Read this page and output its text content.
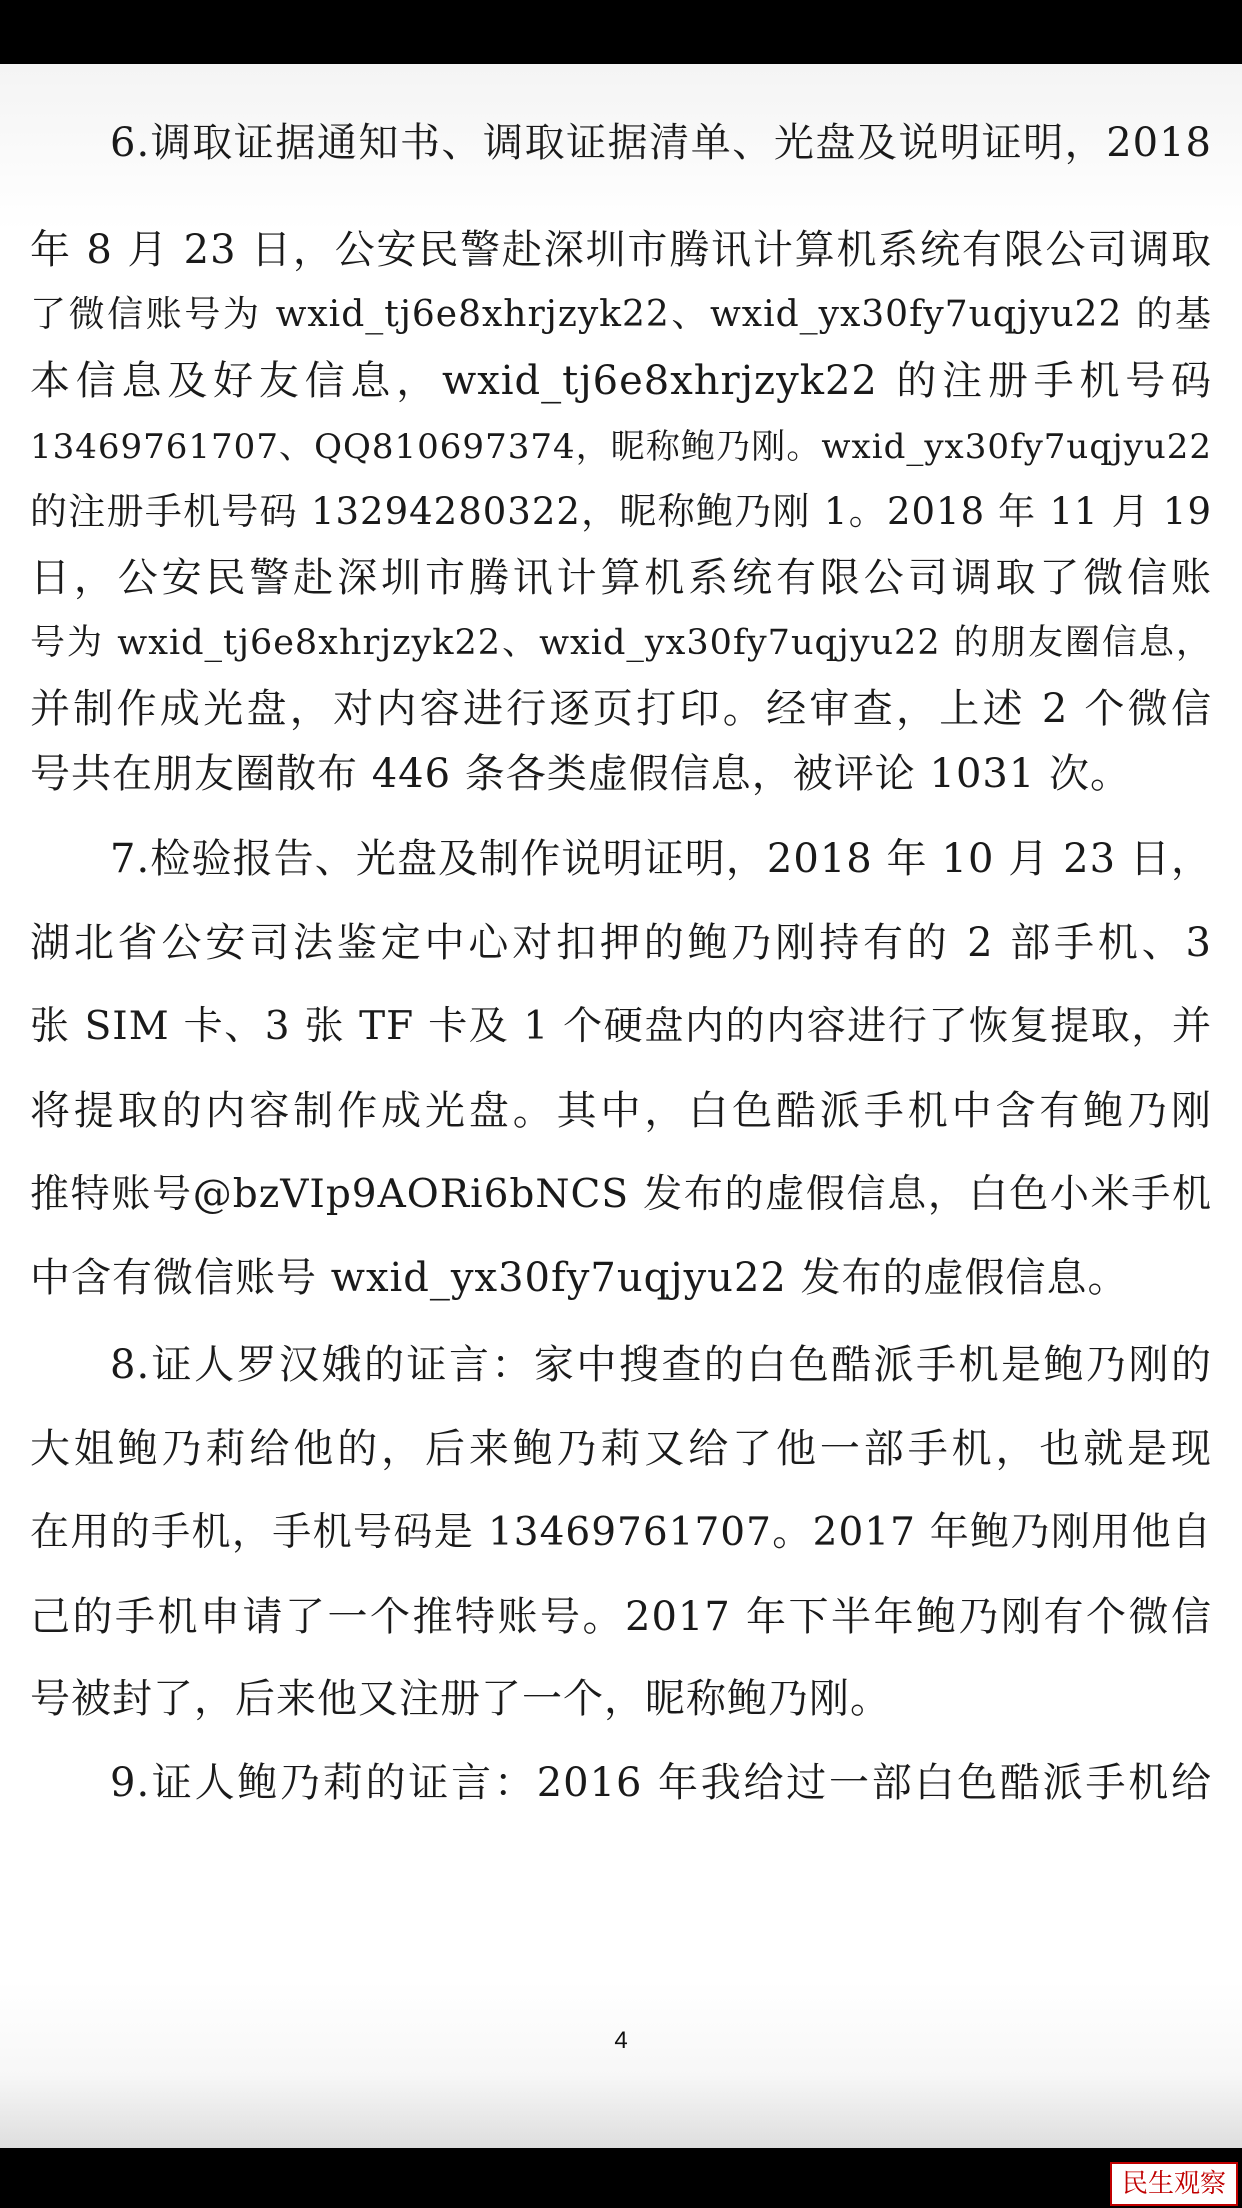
6.调取证据通知书、调取证据清单、光盘及说明证明，2018

年 8 月 23 日，公安民警赴深圳市腾讯计算机系统有限公司调取

了微信账号为 wxid_tj6e8xhrjzyk22、wxid_yx30fy7uqjyu22 的基

本信息及好友信息，wxid_tj6e8xhrjzyk22 的注册手机号码

13469761707、QQ810697374，昵称鲍乃刚。wxid_yx30fy7uqjyu22

的注册手机号码 13294280322，昵称鲍乃刚 1。2018 年 11 月 19

日，公安民警赴深圳市腾讯计算机系统有限公司调取了微信账

号为 wxid_tj6e8xhrjzyk22、wxid_yx30fy7uqjyu22 的朋友圈信息，

并制作成光盘，对内容进行逐页打印。经审查，上述 2 个微信

号共在朋友圈散布 446 条各类虚假信息，被评论 1031 次。

7.检验报告、光盘及制作说明证明，2018 年 10 月 23 日，

湖北省公安司法鉴定中心对扣押的鲍乃刚持有的 2 部手机、3

张 SIM 卡、3 张 TF 卡及 1 个硬盘内的内容进行了恢复提取，并

将提取的内容制作成光盘。其中，白色酷派手机中含有鲍乃刚

推特账号@bzVIp9AORi6bNCS 发布的虚假信息，白色小米手机

中含有微信账号 wxid_yx30fy7uqjyu22 发布的虚假信息。

8.证人罗汉娥的证言：家中搜查的白色酷派手机是鲍乃刚的

大姐鲍乃莉给他的，后来鲍乃莉又给了他一部手机，也就是现

在用的手机，手机号码是 13469761707。2017 年鲍乃刚用他自

己的手机申请了一个推特账号。2017 年下半年鲍乃刚有个微信

号被封了，后来他又注册了一个，昵称鲍乃刚。

9.证人鲍乃莉的证言：2016 年我给过一部白色酷派手机给

4
民生观察
